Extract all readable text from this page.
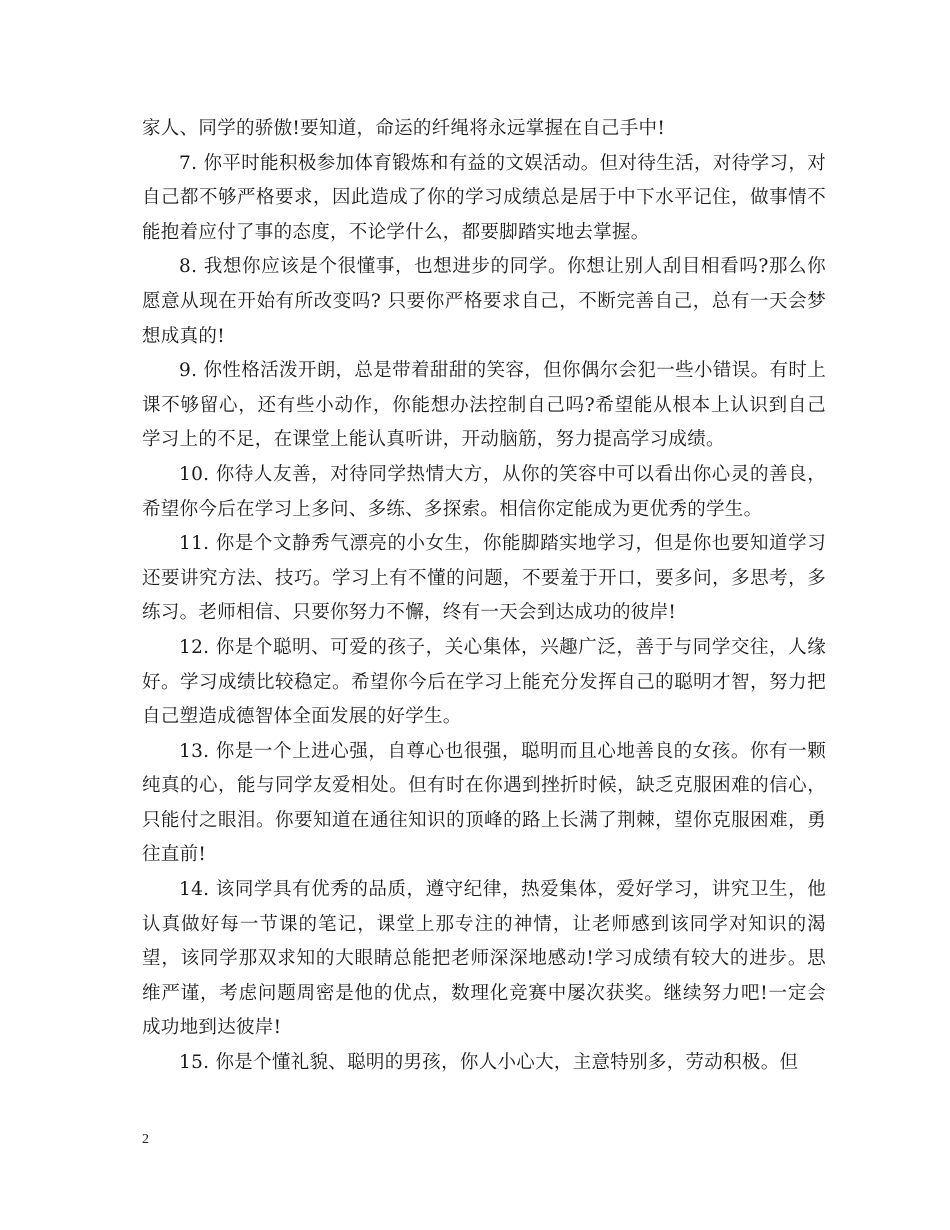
家人、同学的骄傲!要知道，命运的纤绳将永远掌握在自己手中!

7. 你平时能积极参加体育锻炼和有益的文娱活动。但对待生活，对待学习，对自己都不够严格要求，因此造成了你的学习成绩总是居于中下水平记住，做事情不能抱着应付了事的态度，不论学什么，都要脚踏实地去掌握。

8. 我想你应该是个很懂事，也想进步的同学。你想让别人刮目相看吗?那么你愿意从现在开始有所改变吗? 只要你严格要求自己，不断完善自己，总有一天会梦想成真的!

9. 你性格活泼开朗，总是带着甜甜的笑容，但你偶尔会犯一些小错误。有时上课不够留心，还有些小动作，你能想办法控制自己吗?希望能从根本上认识到自己学习上的不足，在课堂上能认真听讲，开动脑筋，努力提高学习成绩。

10. 你待人友善，对待同学热情大方，从你的笑容中可以看出你心灵的善良，希望你今后在学习上多问、多练、多探索。相信你定能成为更优秀的学生。

11. 你是个文静秀气漂亮的小女生，你能脚踏实地学习，但是你也要知道学习还要讲究方法、技巧。学习上有不懂的问题，不要羞于开口，要多问，多思考，多练习。老师相信、只要你努力不懈，终有一天会到达成功的彼岸!

12. 你是个聪明、可爱的孩子，关心集体，兴趣广泛，善于与同学交往，人缘好。学习成绩比较稳定。希望你今后在学习上能充分发挥自己的聪明才智，努力把自己塑造成德智体全面发展的好学生。

13. 你是一个上进心强，自尊心也很强，聪明而且心地善良的女孩。你有一颗纯真的心，能与同学友爱相处。但有时在你遇到挫折时候，缺乏克服困难的信心，只能付之眼泪。你要知道在通往知识的顶峰的路上长满了荆棘，望你克服困难，勇往直前!

14. 该同学具有优秀的品质，遵守纪律，热爱集体，爱好学习，讲究卫生，他认真做好每一节课的笔记，课堂上那专注的神情，让老师感到该同学对知识的渴望，该同学那双求知的大眼睛总能把老师深深地感动!学习成绩有较大的进步。思维严谨，考虑问题周密是他的优点，数理化竞赛中屡次获奖。继续努力吧!一定会成功地到达彼岸!

15. 你是个懂礼貌、聪明的男孩，你人小心大，主意特别多，劳动积极。但

2
